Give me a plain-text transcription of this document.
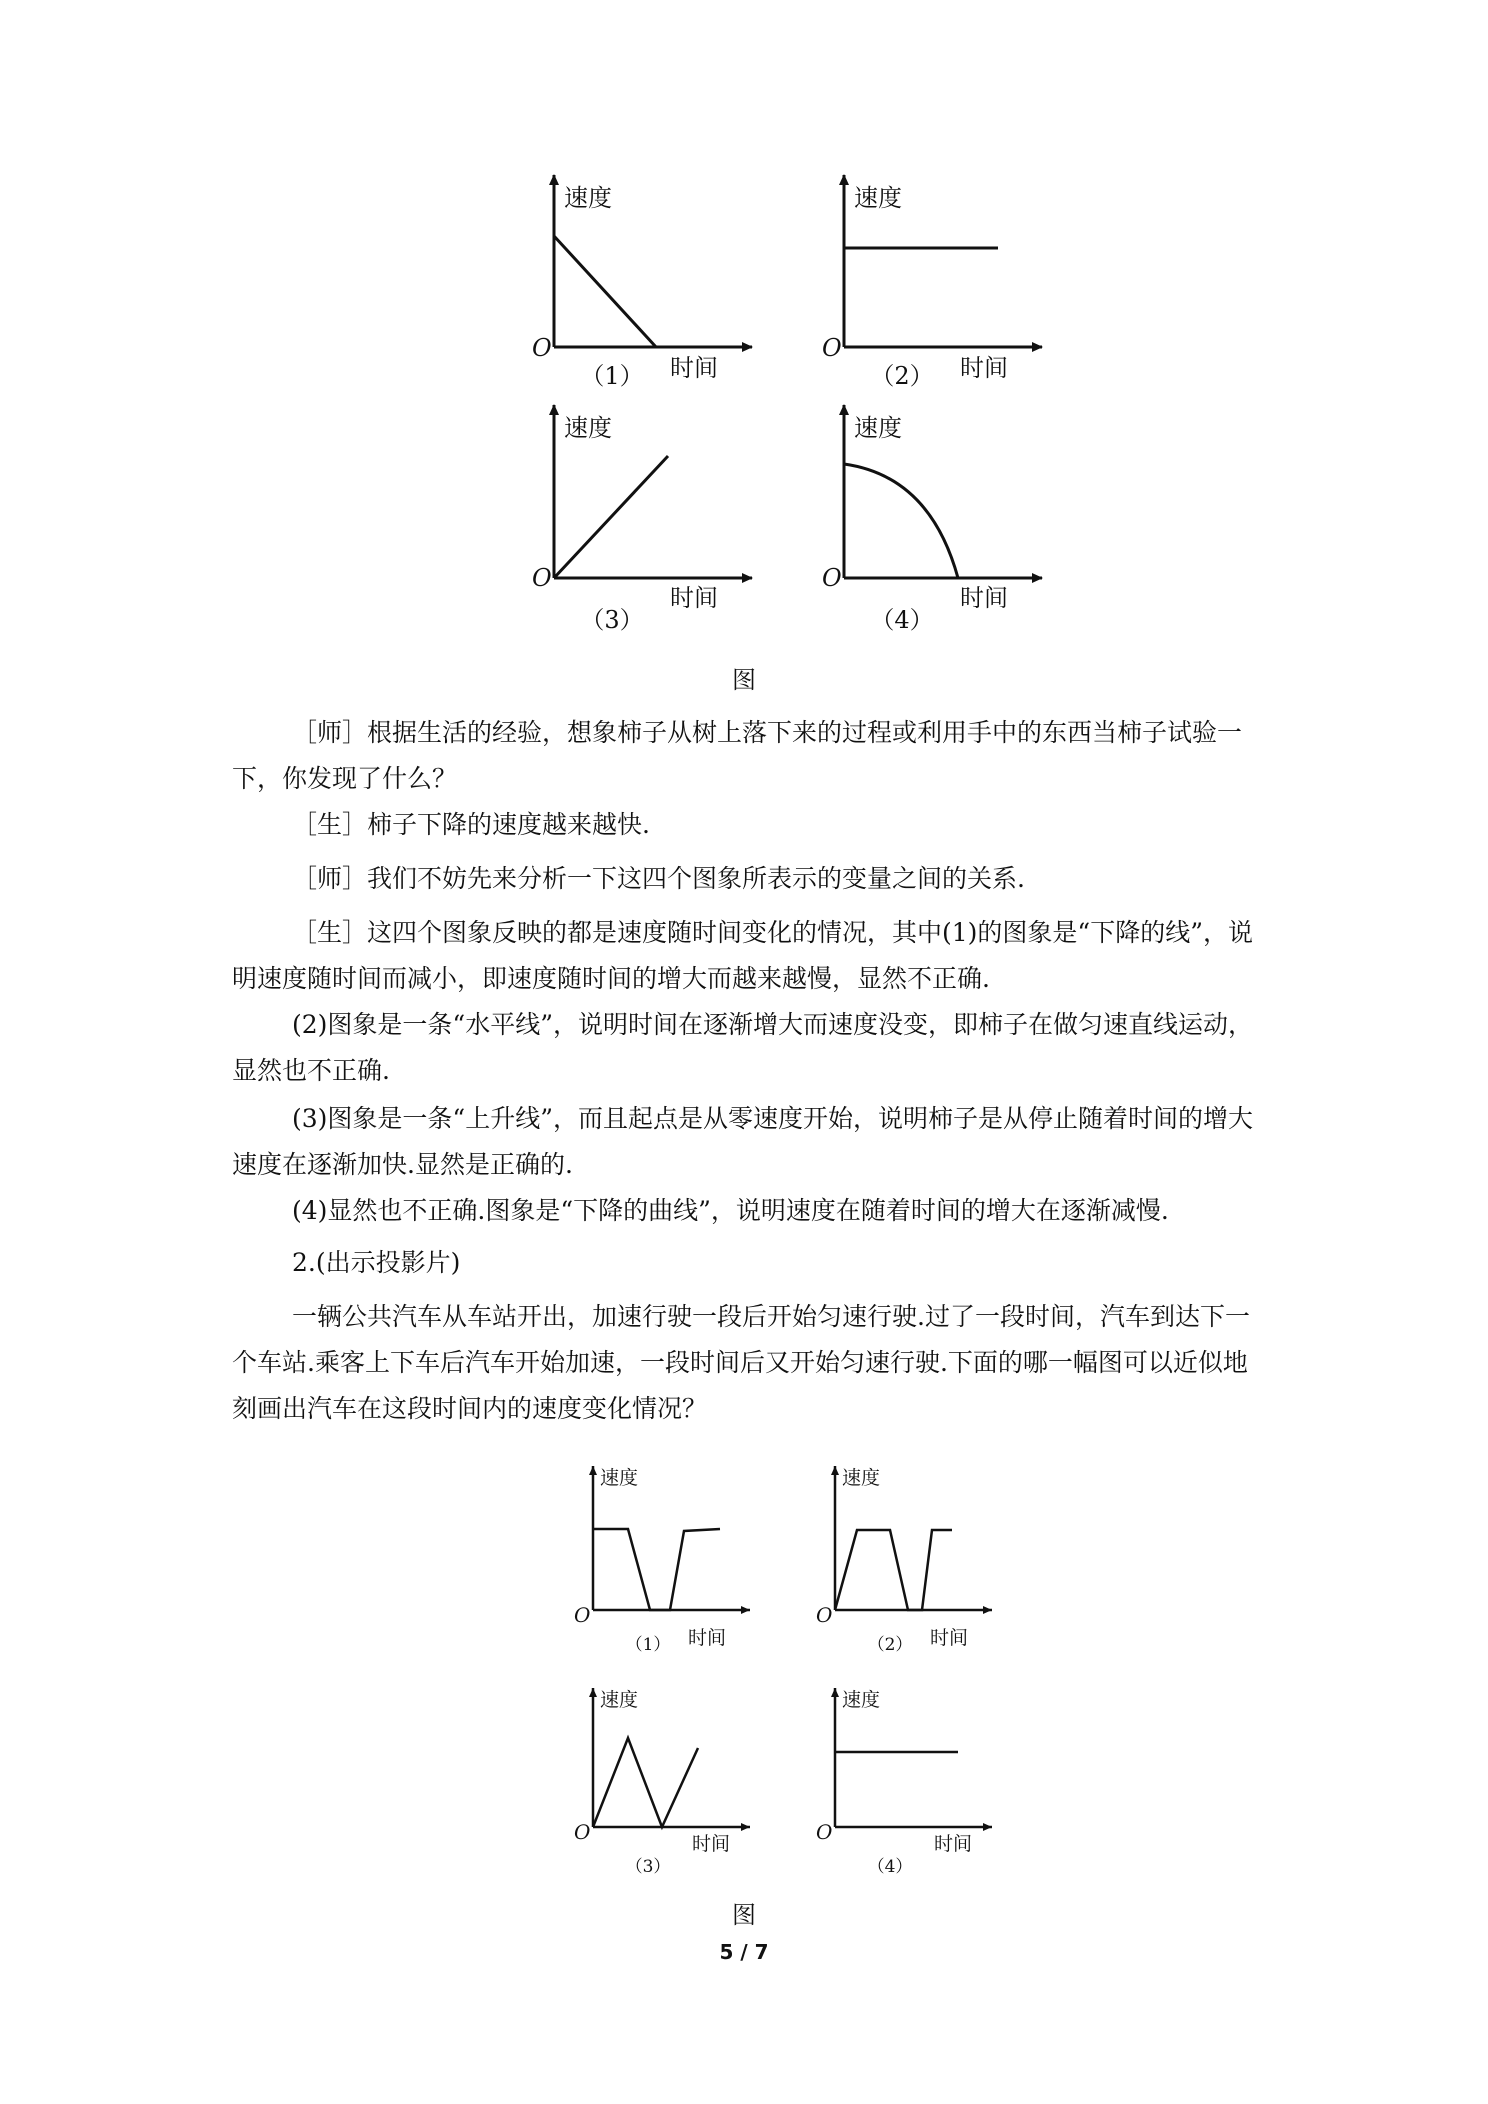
速度
O
时间
（1）
速度
O
时间
（2）
速度
O
时间
（3）
速度
O
时间
（4）
图
［师］根据生活的经验，想象柿子从树上落下来的过程或利用手中的东西当柿子试验一下，你发现了什么？
［生］柿子下降的速度越来越快.
［师］我们不妨先来分析一下这四个图象所表示的变量之间的关系.
［生］这四个图象反映的都是速度随时间变化的情况，其中(1)的图象是“下降的线”，说明速度随时间而减小，即速度随时间的增大而越来越慢，显然不正确.
(2)图象是一条“水平线”，说明时间在逐渐增大而速度没变，即柿子在做匀速直线运动，显然也不正确.
(3)图象是一条“上升线”，而且起点是从零速度开始，说明柿子是从停止随着时间的增大速度在逐渐加快.显然是正确的.
(4)显然也不正确.图象是“下降的曲线”，说明速度在随着时间的增大在逐渐减慢.
2.(出示投影片)
一辆公共汽车从车站开出，加速行驶一段后开始匀速行驶.过了一段时间，汽车到达下一个车站.乘客上下车后汽车开始加速，一段时间后又开始匀速行驶.下面的哪一幅图可以近似地刻画出汽车在这段时间内的速度变化情况？
速度
O
时间
（1）
速度
O
时间
（2）
速度
O	时间
（3）
速度
O	时间
（4）
图
5 / 7
